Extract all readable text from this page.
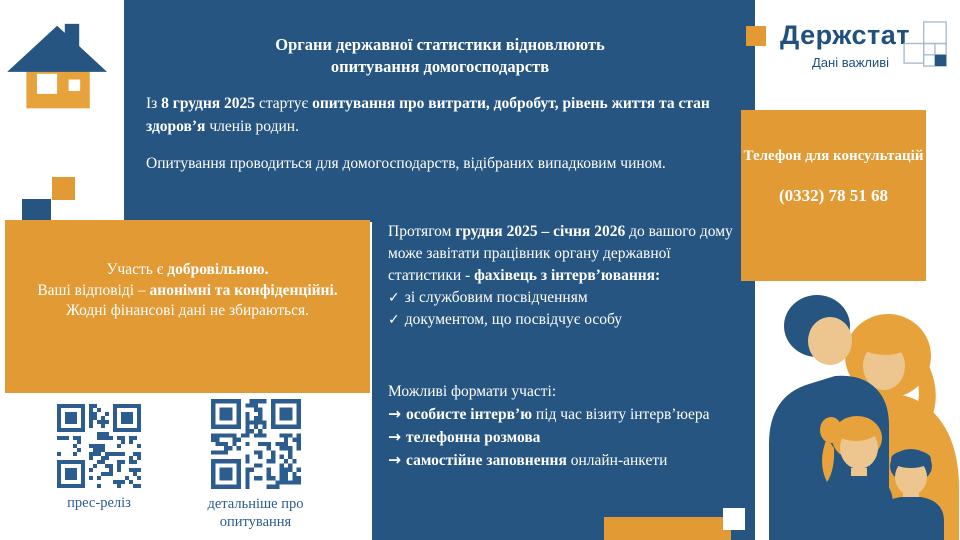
Органи державної статистики відновлюють опитування домогосподарств
Із 8 грудня 2025 стартує опитування про витрати, добробут, рівень життя та стан здоров’я членів родин.
Опитування проводиться для домогосподарств, відібраних випадковим чином.
Протягом грудня 2025 – січня 2026 до вашого дому може завітати працівник органу державної статистики - фахівець з інтерв’ювання:
✓ зі службовим посвідченням
✓ документом, що посвідчує особу
Можливі формати участі:
→ особисте інтерв’ю під час візиту інтерв’юера
→ телефонна розмова
→ самостійне заповнення онлайн-анкети
Участь є добровільною.
Ваші відповіді – анонімні та конфіденційні.
Жодні фінансові дані не збираються.
Телефон для консультацій
(0332) 78 51 68
Держстат
Дані важливі
прес-реліз	детальніше про опитування
